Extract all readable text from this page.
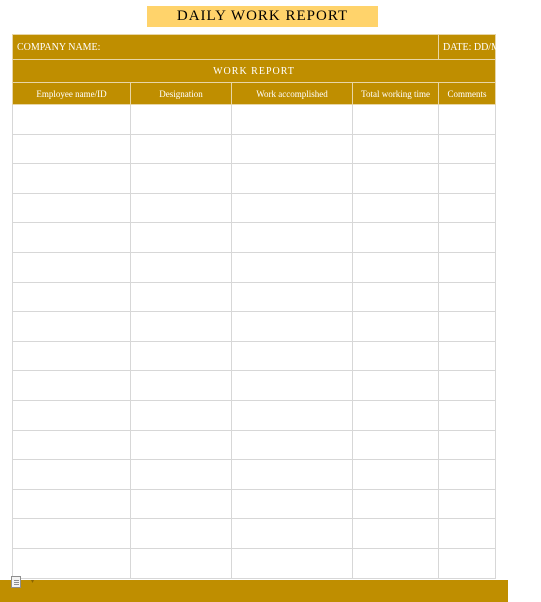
DAILY WORK REPORT
COMPANY NAME:				DATE: DD/MM/YYYY
WORK REPORT				
Employee name/ID	Designation	Work accomplished	Total working time	Comments

▾
